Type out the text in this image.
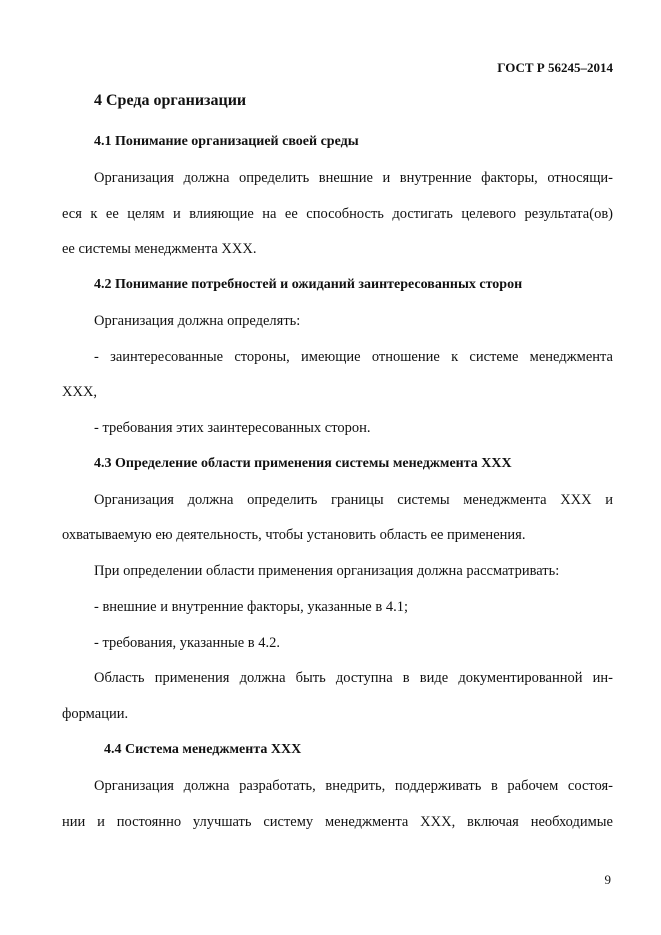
ГОСТ Р 56245–2014
4 Среда организации
4.1 Понимание организацией своей среды
Организация должна определить внешние и внутренние факторы, относящи-
еся к ее целям и влияющие на ее способность достигать целевого результата(ов)
ее системы менеджмента ХХХ.
4.2 Понимание потребностей и ожиданий заинтересованных сторон
Организация должна определять:
- заинтересованные стороны, имеющие отношение к системе менеджмента
ХХХ,
- требования этих заинтересованных сторон.
4.3 Определение области применения системы менеджмента ХХХ
Организация должна определить границы системы менеджмента ХХХ и
охватываемую ею деятельность, чтобы установить область ее применения.
При определении области применения организация должна рассматривать:
- внешние и внутренние факторы, указанные в 4.1;
- требования, указанные в 4.2.
Область применения должна быть доступна в виде документированной ин-
формации.
4.4 Система менеджмента ХХХ
Организация должна разработать, внедрить, поддерживать в рабочем состоя-
нии и постоянно улучшать систему менеджмента ХХХ, включая необходимые
9
